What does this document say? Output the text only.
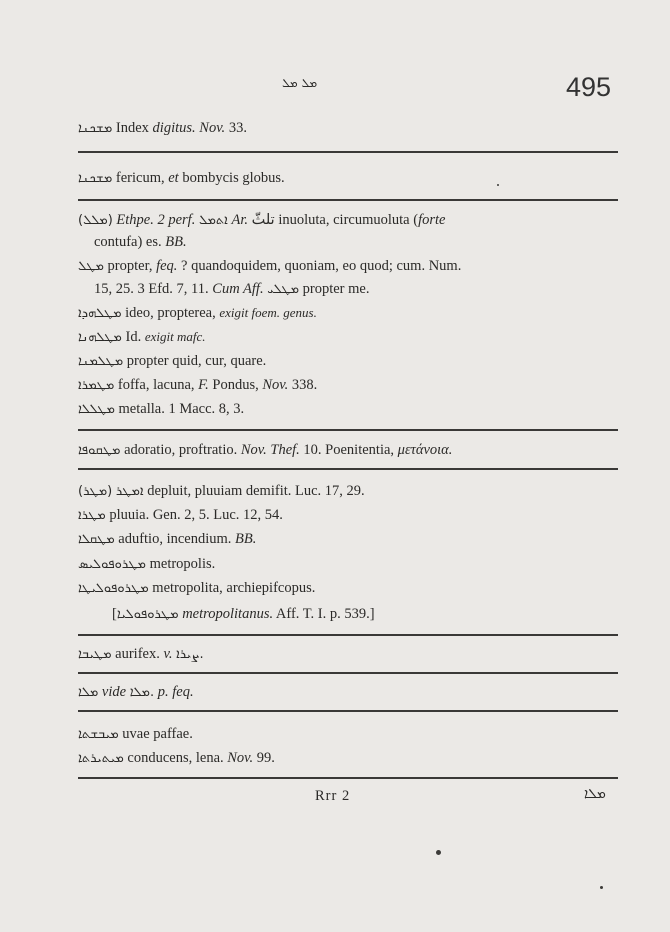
ܡܠ ܡܠ	495
ܡܫܟܢܐ Index digitus. Nov. 33.
ܡܫܟܢܐ fericum, et bombycis globus.
(ܡܠܠ) Ethpe. 2 perf. ܐܬܡܠ Ar. تلثّ inuoluta, circumuoluta (forte
contufa) es. BB.
ܡܛܠ propter, feq. ? quandoquidem, quoniam, eo quod; cum. Num.
15, 25. 3 Efd. 7, 11. Cum Aff. ܡܛܠܝ propter me.
ܡܛܠܗܕܐ ideo, propterea, exigit foem. genus.
ܡܛܠܗܢܐ Id. exigit mafc.
ܡܛܠܡܢܐ propter quid, cur, quare.
ܡܛܡܪܐ foffa, lacuna, F. Pondus, Nov. 338.
ܡܛܠܠܐ metalla. 1 Macc. 8, 3.
ܡܛܩܘܦܐ adoratio, proftratio. Nov. Thef. 10. Poenitentia, μετάνοια.
(ܡܛܪ) ܐܡܛܪ depluit, pluuiam demifit. Luc. 17, 29.
ܡܛܪܐ pluuia. Gen. 2, 5. Luc. 12, 54.
ܡܛܩܠܐ aduftio, incendium. BB.
ܡܛܪܘܦܘܠܝܣ metropolis.
ܡܛܪܘܦܘܠܝܛܐ metropolita, archiepifcopus.
[ܡܛܪܘܦܘܠܝܐ metropolitanus. Aff. T. I. p. 539.]
ܡܛܝܒܐ aurifex. v. ܨܝܪܐ.
ܡܠܐ vide ܡܠܐ. p. feq.
ܡܝܒܫܬܐ uvae paffae.
ܡܝܬܝܪܬܐ conducens, lena. Nov. 99.
Rrr 2	ܡܠܐ
